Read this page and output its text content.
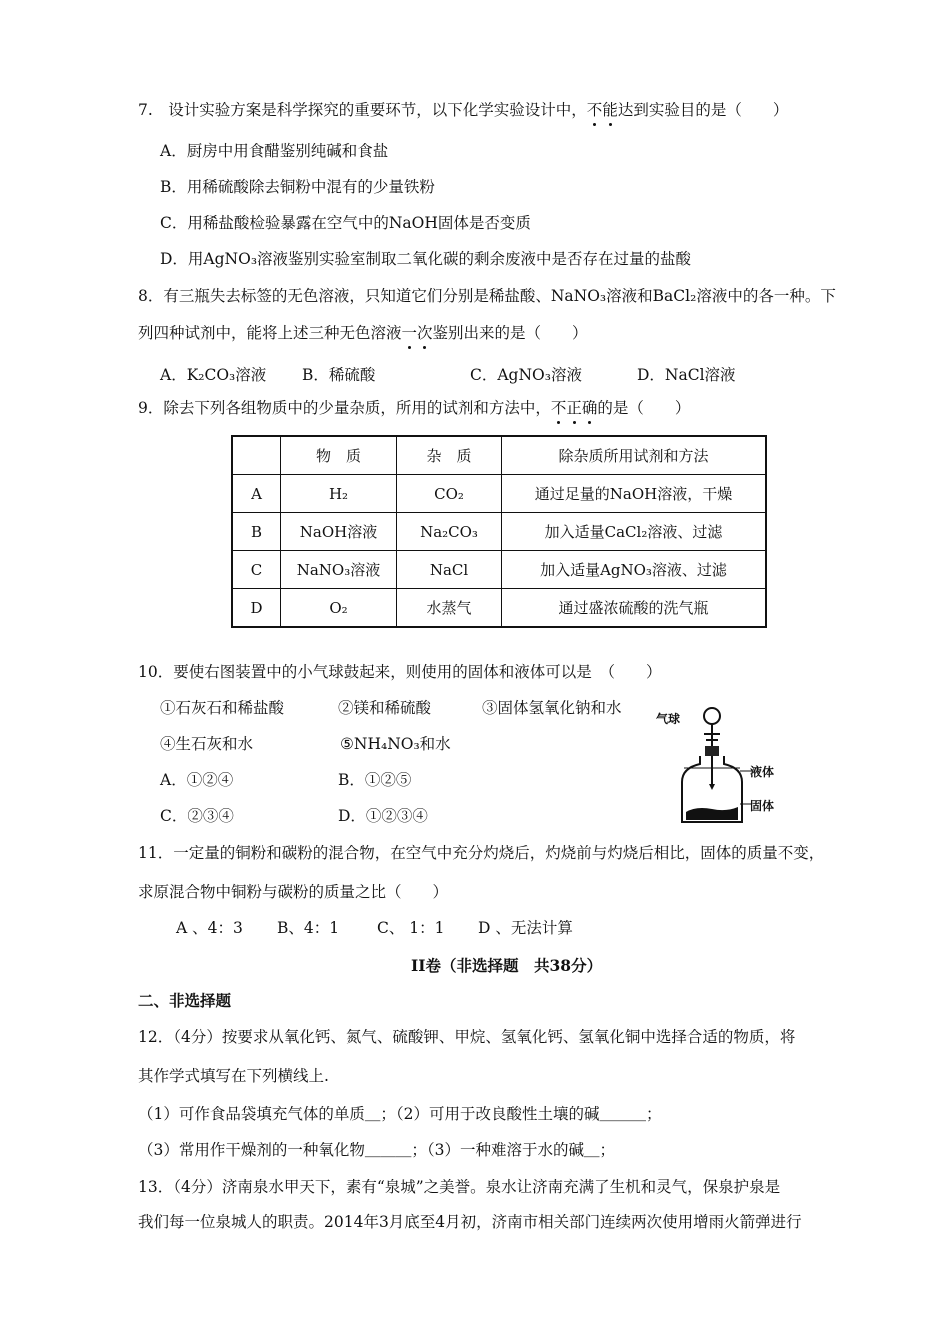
7.　设计实验方案是科学探究的重要环节，以下化学实验设计中，不能达到实验目的是（　　）
A．厨房中用食醋鉴别纯碱和食盐
B．用稀硫酸除去铜粉中混有的少量铁粉
C．用稀盐酸检验暴露在空气中的NaOH固体是否变质
D．用AgNO₃溶液鉴别实验室制取二氧化碳的剩余废液中是否存在过量的盐酸
8．有三瓶失去标签的无色溶液，只知道它们分别是稀盐酸、NaNO₃溶液和BaCl₂溶液中的各一种。下
列四种试剂中，能将上述三种无色溶液一次鉴别出来的是（　　）
A．K₂CO₃溶液 B．稀硫酸	C．AgNO₃溶液	D．NaCl溶液
9．除去下列各组物质中的少量杂质，所用的试剂和方法中，不正确的是（　　）
	物　质	杂　质	除杂质所用试剂和方法
A	H₂	CO₂	通过足量的NaOH溶液，干燥
B	NaOH溶液	Na₂CO₃	加入适量CaCl₂溶液、过滤
C	NaNO₃溶液	NaCl	加入适量AgNO₃溶液、过滤
D	O₂	水蒸气	通过盛浓硫酸的洗气瓶
10．要使右图装置中的小气球鼓起来，则使用的固体和液体可以是　（　　）
①石灰石和稀盐酸	②镁和稀硫酸	③固体氢氧化钠和水
④生石灰和水	⑤NH₄NO₃和水
A．①②④	B．①②⑤
C．②③④	D．①②③④
气球
液体
固体
11．一定量的铜粉和碳粉的混合物，在空气中充分灼烧后，灼烧前与灼烧后相比，固体的质量不变，
求原混合物中铜粉与碳粉的质量之比（　　）
A 、4：3 B、4：1 C、 1：1 D 、无法计算
II卷（非选择题　共38分）
二、非选择题
12．（4分）按要求从氧化钙、氮气、硫酸钾、甲烷、氢氧化钙、氢氧化铜中选择合适的物质，将
其作学式填写在下列横线上.
（1）可作食品袋填充气体的单质＿；（2）可用于改良酸性土壤的碱＿＿＿；
（3）常用作干燥剂的一种氧化物＿＿＿；（3）一种难溶于水的碱＿；
13．（4分）济南泉水甲天下，素有“泉城”之美誉。泉水让济南充满了生机和灵气，保泉护泉是
我们每一位泉城人的职责。2014年3月底至4月初，济南市相关部门连续两次使用增雨火箭弹进行
